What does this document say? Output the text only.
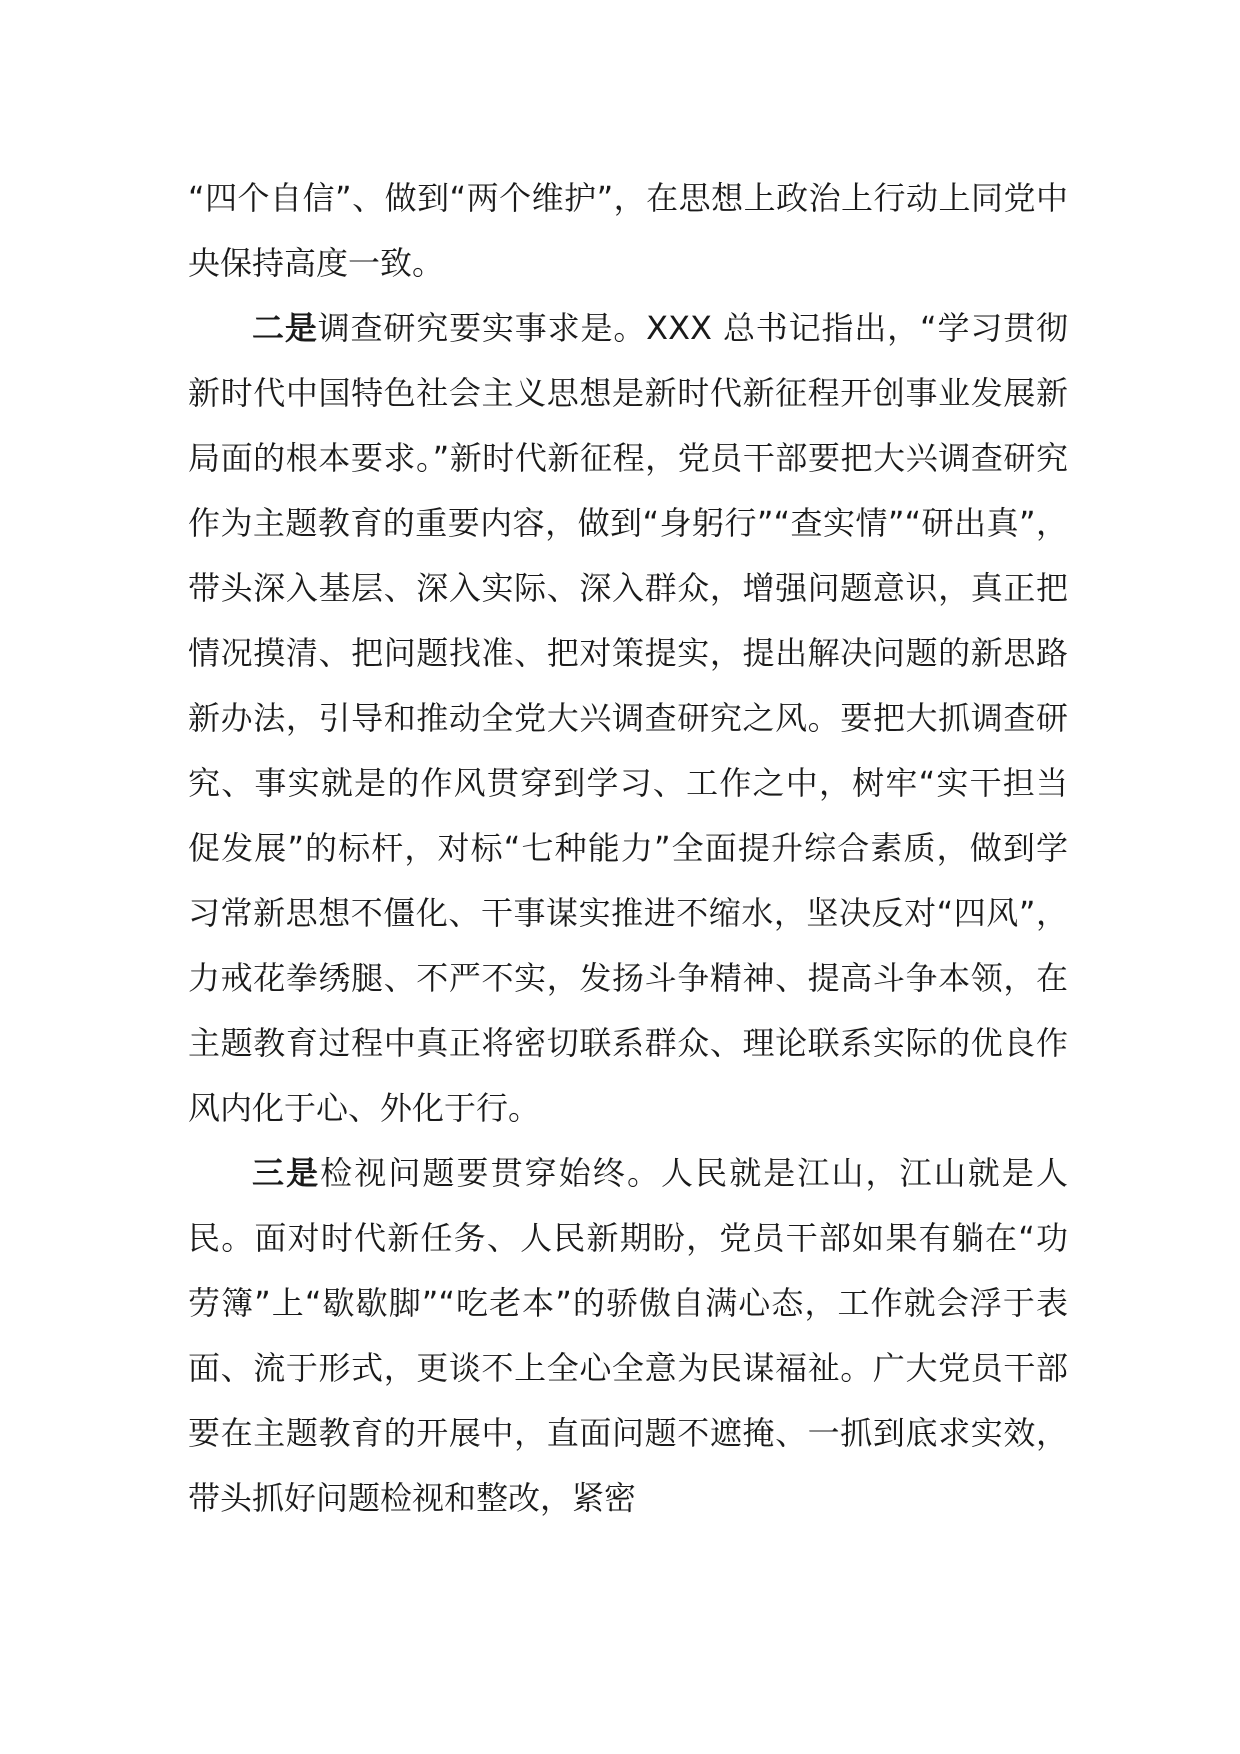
“四个自信”、做到“两个维护”，在思想上政治上行动上同党中央保持高度一致。

二是调查研究要实事求是。XXX 总书记指出，“学习贯彻新时代中国特色社会主义思想是新时代新征程开创事业发展新局面的根本要求。”新时代新征程，党员干部要把大兴调查研究作为主题教育的重要内容，做到“身躬行”“查实情”“研出真”，带头深入基层、深入实际、深入群众，增强问题意识，真正把情况摸清、把问题找准、把对策提实，提出解决问题的新思路新办法，引导和推动全党大兴调查研究之风。要把大抓调查研究、事实就是的作风贯穿到学习、工作之中，树牢“实干担当促发展”的标杆，对标“七种能力”全面提升综合素质，做到学习常新思想不僵化、干事谋实推进不缩水，坚决反对“四风”，力戒花拳绣腿、不严不实，发扬斗争精神、提高斗争本领，在主题教育过程中真正将密切联系群众、理论联系实际的优良作风内化于心、外化于行。

三是检视问题要贯穿始终。人民就是江山，江山就是人民。面对时代新任务、人民新期盼，党员干部如果有躺在“功劳簿”上“歇歇脚”“吃老本”的骄傲自满心态，工作就会浮于表面、流于形式，更谈不上全心全意为民谋福祉。广大党员干部要在主题教育的开展中，直面问题不遮掩、一抓到底求实效，带头抓好问题检视和整改，紧密
